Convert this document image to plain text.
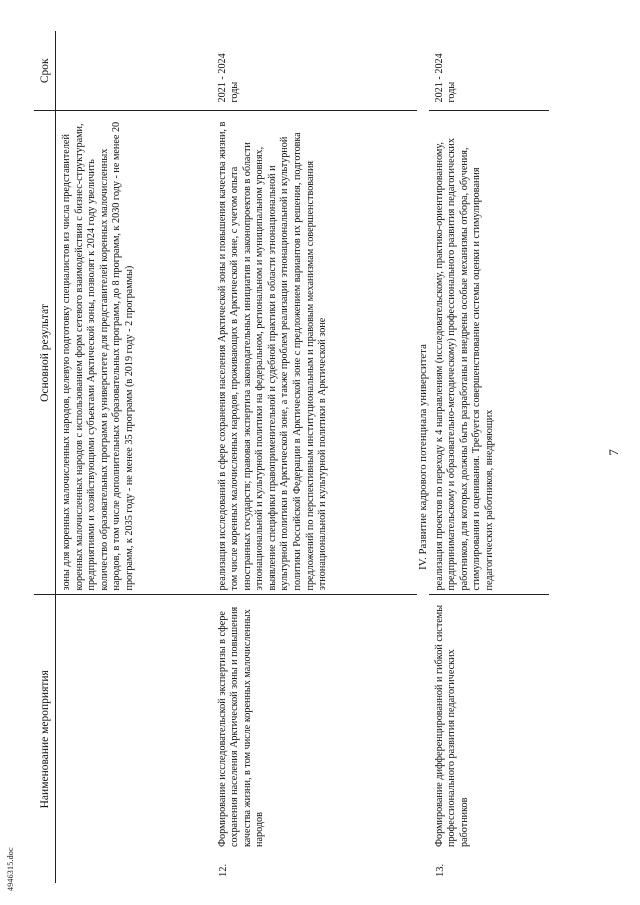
4946315.doc
7
Наименование мероприятия	Основной результат	Срок

	зоны для коренных малочисленных народов, целевую подготовку специалистов из числа представителей коренных малочисленных народов с использованием форм сетевого взаимодействия с бизнес-структурами, предприятиями и хозяйствующими субъектами Арктической зоны, позволят к 2024 году увеличить количество образовательных программ в университете для представителей коренных малочисленных народов, в том числе дополнительных образовательных программ, до 8 программ, к 2030 году - не менее 20 программ, к 2035 году - не менее 35 программ (в 2019 году - 2 программы)	

12.
Формирование исследовательской экспертизы в сфере сохранения населения Арктической зоны и повышения качества жизни, в том числе коренных малочисленных народов	реализация исследований в сфере сохранения населения Арктической зоны и повышения качества жизни, в том числе коренных малочисленных народов, проживающих в Арктической зоне, с учетом опыта иностранных государств; правовая экспертиза законодательных инициатив и законопроектов в области этнонациональной и культурной политики на федеральном, региональном и муниципальном уровнях, выявление специфики правоприменительной и судебной практики в области этнонациональной и культурной политики в Арктической зоне, а также проблем реализации этнонациональной и культурной политики Российской Федерации в Арктической зоне с предложением вариантов их решения, подготовка предложений по перспективным институциональным и правовым механизмам совершенствования этнонациональной и культурной политики в Арктической зоне	2021 - 2024 годы

IV. Развитие кадрового потенциала университета		

13.
Формирование дифференцированной и гибкой системы профессионального развития педагогических работников	реализация проектов по переходу к 4 направлениям (исследовательскому, практико-ориентированному, предпринимательскому и образовательно-методическому) профессионального развития педагогических работников, для которых должны быть разработаны и внедрены особые механизмы отбора, обучения, стимулирования и оценивания. Требуется совершенствование системы оценки и стимулирования педагогических работников, внедряющих	2021 - 2024 годы
